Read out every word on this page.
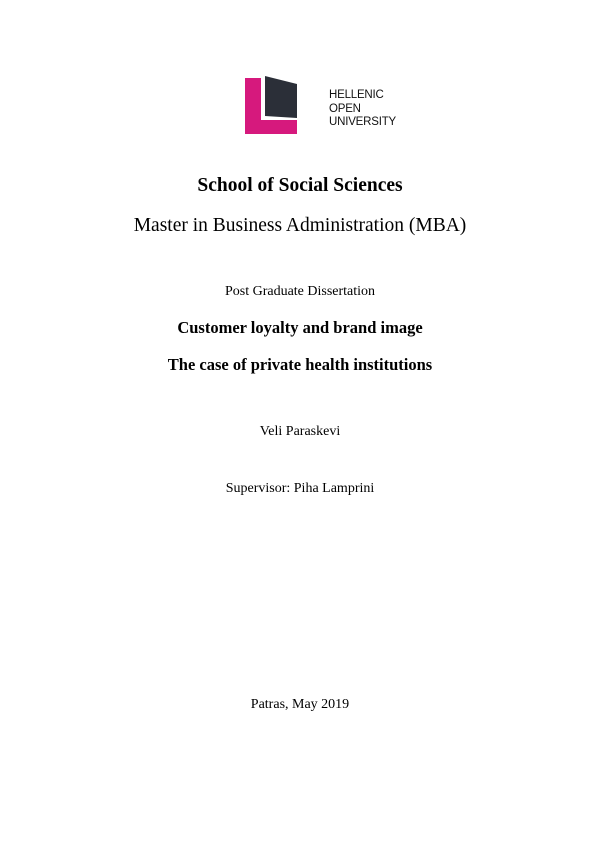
HELLENIC
OPEN
UNIVERSITY
School of Social Sciences
Master in Business Administration (MBA)
Post Graduate Dissertation
Customer loyalty and brand image
The case of private health institutions
Veli Paraskevi
Supervisor: Piha Lamprini
Patras, May 2019
